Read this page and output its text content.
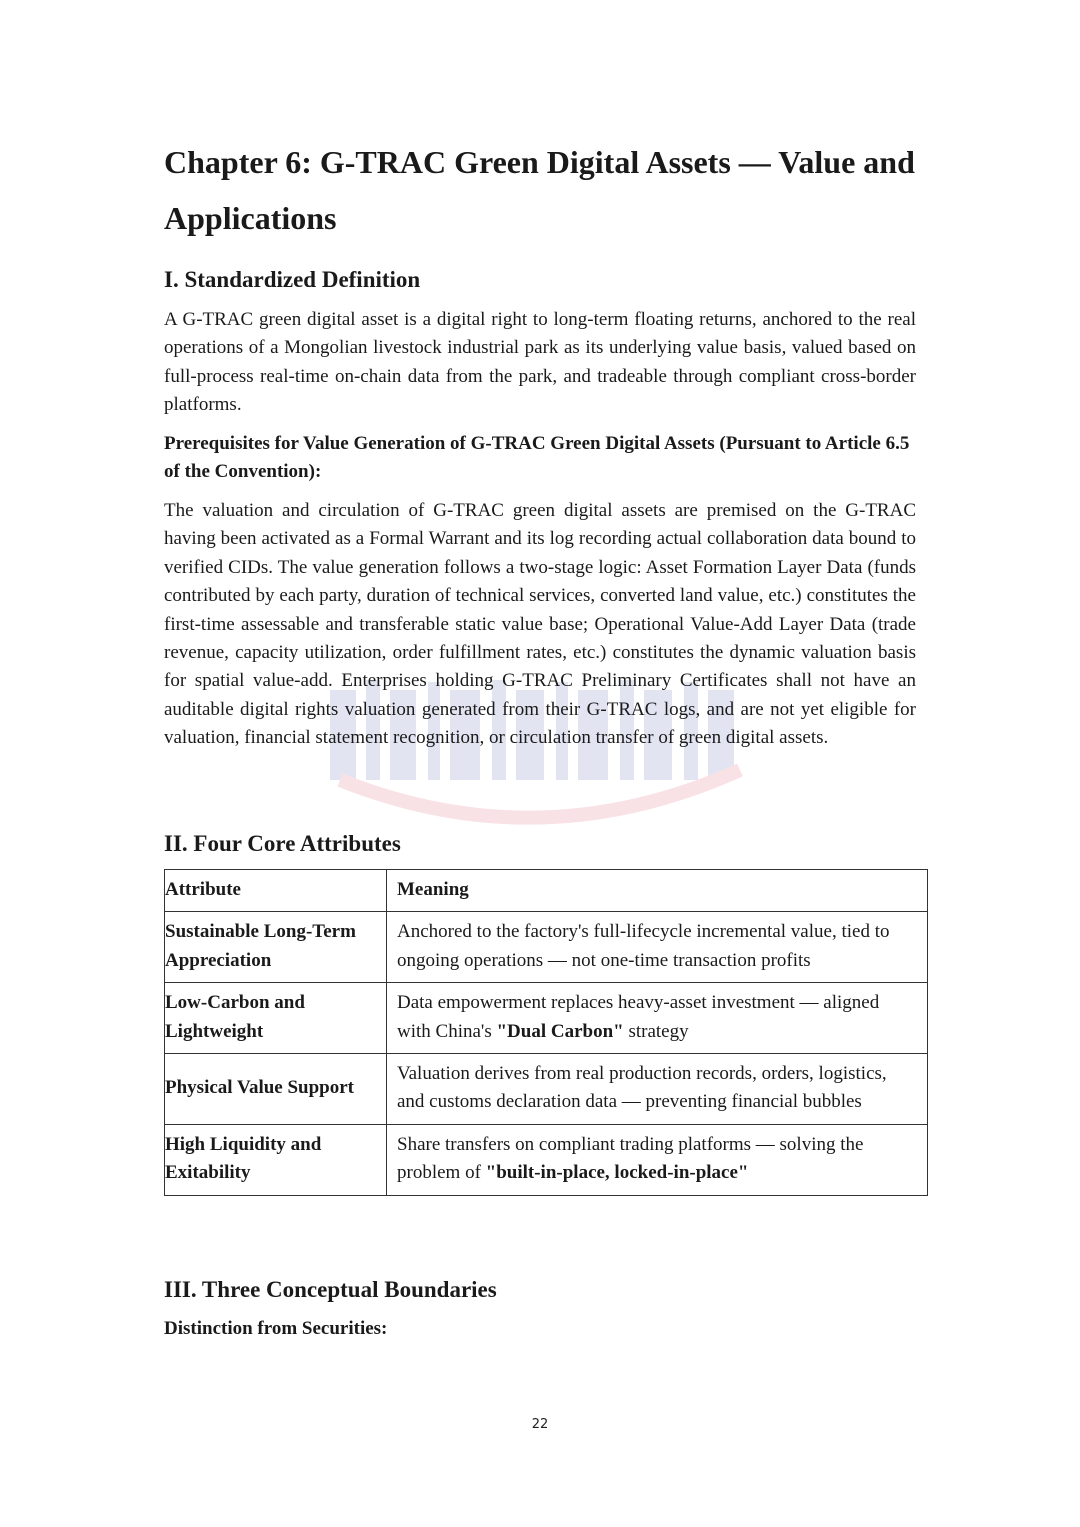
Chapter 6: G-TRAC Green Digital Assets — Value and Applications
I. Standardized Definition

A G-TRAC green digital asset is a digital right to long-term floating returns, anchored to the real operations of a Mongolian livestock industrial park as its underlying value basis, valued based on full-process real-time on-chain data from the park, and tradeable through compliant cross-border platforms.

Prerequisites for Value Generation of G-TRAC Green Digital Assets (Pursuant to Article 6.5 of the Convention):

The valuation and circulation of G-TRAC green digital assets are premised on the G-TRAC having been activated as a Formal Warrant and its log recording actual collaboration data bound to verified CIDs. The value generation follows a two-stage logic: Asset Formation Layer Data (funds contributed by each party, duration of technical services, converted land value, etc.) constitutes the first-time assessable and transferable static value base; Operational Value-Add Layer Data (trade revenue, capacity utilization, order fulfillment rates, etc.) constitutes the dynamic valuation basis for spatial value-add. Enterprises holding G-TRAC Preliminary Certificates shall not have an auditable digital rights valuation generated from their G-TRAC logs, and are not yet eligible for valuation, financial statement recognition, or circulation transfer of green digital assets.

II. Four Core Attributes
Attribute	Meaning
Sustainable Long-Term Appreciation	Anchored to the factory's full-lifecycle incremental value, tied to ongoing operations — not one-time transaction profits
Low-Carbon and Lightweight	Data empowerment replaces heavy-asset investment — aligned with China's "Dual Carbon" strategy
Physical Value Support	Valuation derives from real production records, orders, logistics, and customs declaration data — preventing financial bubbles
High Liquidity and Exitability	Share transfers on compliant trading platforms — solving the problem of "built-in-place, locked-in-place"
III. Three Conceptual Boundaries
Distinction from Securities:
22
